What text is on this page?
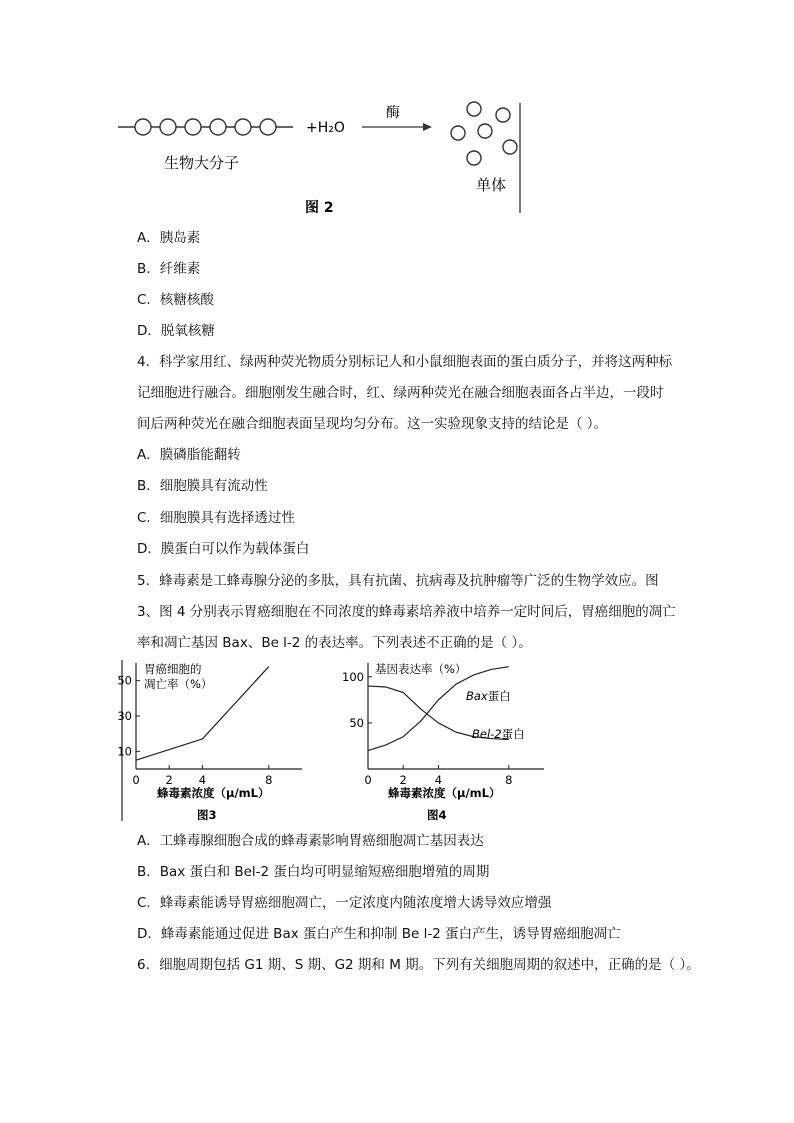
生物大分子
+H₂O
酶
单体
图 2
A．胰岛素
B．纤维素
C．核糖核酸
D．脱氧核糖
4．科学家用红、绿两种荧光物质分别标记人和小鼠细胞表面的蛋白质分子，并将这两种标
记细胞进行融合。细胞刚发生融合时，红、绿两种荧光在融合细胞表面各占半边，一段时
间后两种荧光在融合细胞表面呈现均匀分布。这一实验现象支持的结论是（ ）。
A．膜磷脂能翻转
B．细胞膜具有流动性
C．细胞膜具有选择透过性
D．膜蛋白可以作为载体蛋白
5．蜂毒素是工蜂毒腺分泌的多肽，具有抗菌、抗病毒及抗肿瘤等广泛的生物学效应。图
3、图 4 分别表示胃癌细胞在不同浓度的蜂毒素培养液中培养一定时间后，胃癌细胞的凋亡
率和凋亡基因 Bax、Be l-2 的表达率。下列表述不正确的是（ ）。
胃癌细胞的
凋亡率（%）
10
30
50
0 2 4	8
蜂毒素浓度（μ/mL）
图3
基因表达率（%）
50
100
0 2 4	8
Bax蛋白
Bel-2蛋白
蜂毒素浓度（μ/mL）
图4
A．工蜂毒腺细胞合成的蜂毒素影响胃癌细胞凋亡基因表达
B．Bax 蛋白和 Bel-2 蛋白均可明显缩短癌细胞增殖的周期
C．蜂毒素能诱导胃癌细胞凋亡，一定浓度内随浓度增大诱导效应增强
D．蜂毒素能通过促进 Bax 蛋白产生和抑制 Be l-2 蛋白产生，诱导胃癌细胞凋亡
6．细胞周期包括 G1 期、S 期、G2 期和 M 期。下列有关细胞周期的叙述中，正确的是（ ）。
